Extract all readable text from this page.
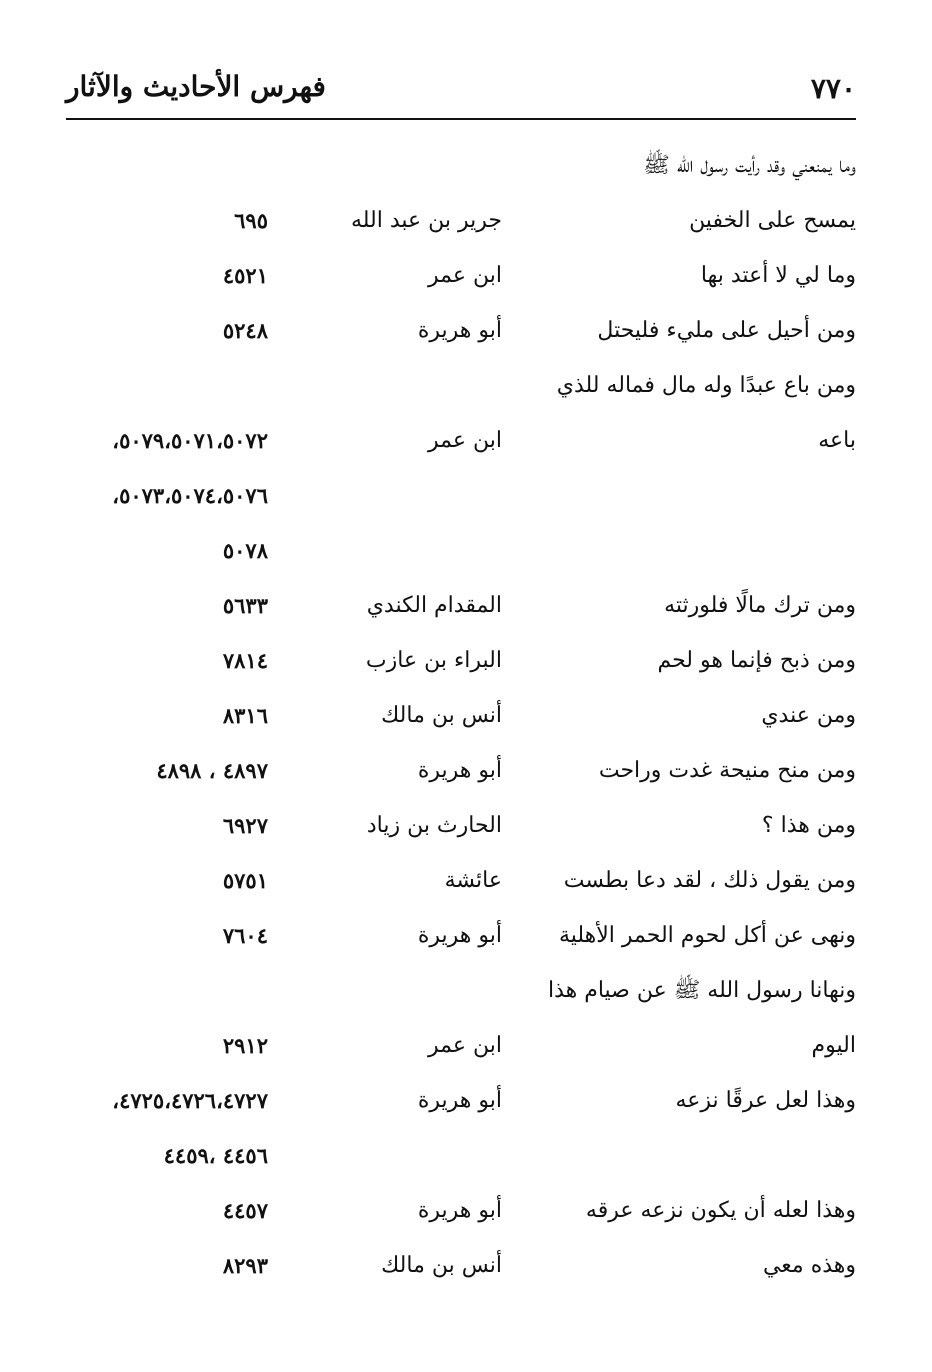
٧٧٠
فهرس الأحاديث والآثار
وما يمنعني وقد رأيت رسول الله ﷺ
يمسح على الخفين
جرير بن عبد الله
٦٩٥
وما لي لا أعتد بها
ابن عمر
٤٥٢١
ومن أحيل على مليء فليحتل
أبو هريرة
٥٢٤٨
ومن باع عبدًا وله مال فماله للذي
باعه
ابن عمر
٥٠٧٩،٥٠٧١،٥٠٧٢،
٥٠٧٣،٥٠٧٤،٥٠٧٦،
٥٠٧٨
ومن ترك مالًا فلورثته
المقدام الكندي
٥٦٣٣
ومن ذبح فإنما هو لحم
البراء بن عازب
٧٨١٤
ومن عندي
أنس بن مالك
٨٣١٦
ومن منح منيحة غدت وراحت
أبو هريرة
٤٨٩٧ ، ٤٨٩٨
ومن هذا ؟
الحارث بن زياد
٦٩٢٧
ومن يقول ذلك ، لقد دعا بطست
عائشة
٥٧٥١
ونهى عن أكل لحوم الحمر الأهلية
أبو هريرة
٧٦٠٤
ونهانا رسول الله ﷺ عن صيام هذا
اليوم
ابن عمر
٢٩١٢
وهذا لعل عرقًا نزعه
أبو هريرة
٤٧٢٥،٤٧٢٦،٤٧٢٧،
٤٤٥٦ ،٤٤٥٩
وهذا لعله أن يكون نزعه عرقه
أبو هريرة
٤٤٥٧
وهذه معي
أنس بن مالك
٨٢٩٣
